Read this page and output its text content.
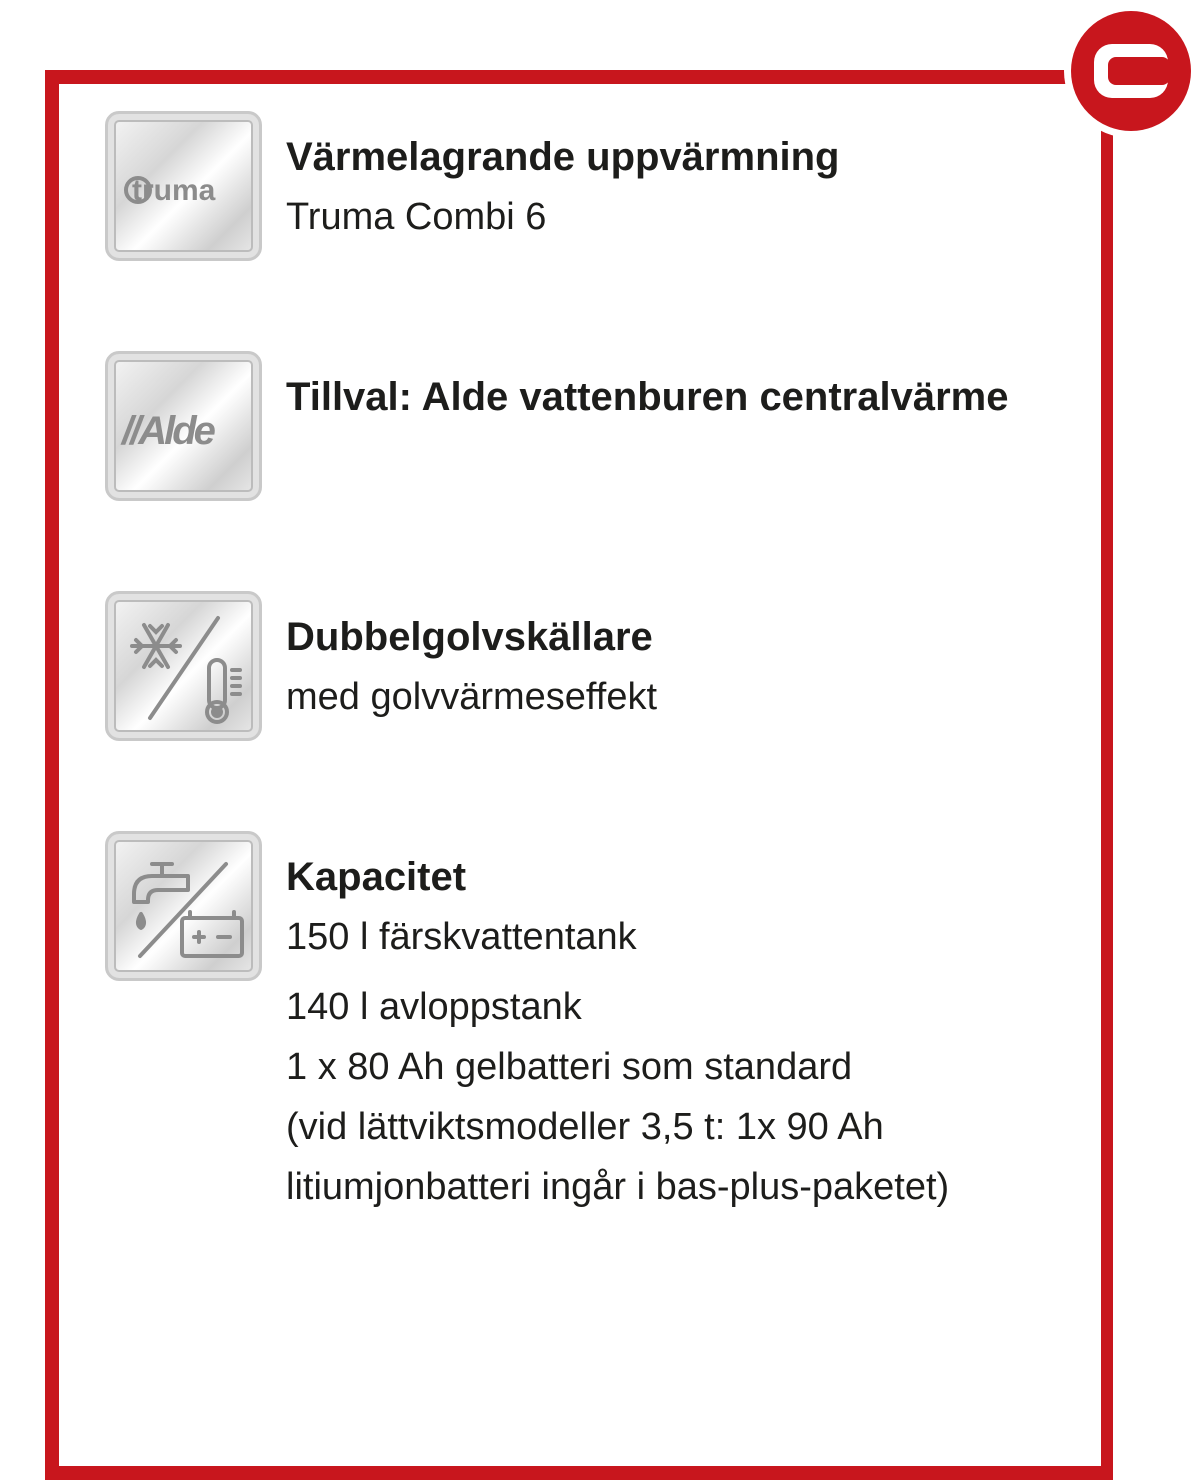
truma
Värmelagrande uppvärmning
Truma Combi 6
//Alde
Tillval: Alde vattenburen centralvärme
Dubbelgolvskällare
med golvvärmeseffekt
Kapacitet
150 l färskvattentank
140 l avloppstank
1 x 80 Ah gelbatteri som standard
(vid lättviktsmodeller 3,5 t: 1x 90 Ah
litiumjonbatteri ingår i bas-plus-paketet)
